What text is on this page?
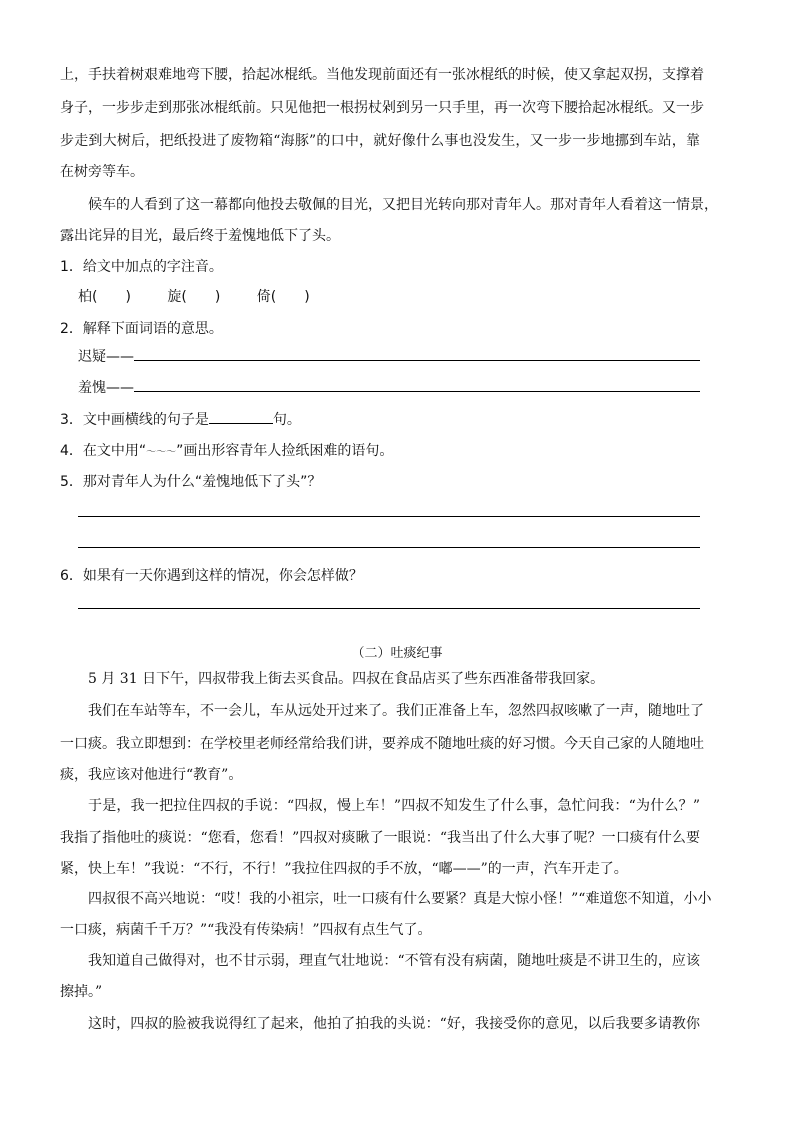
上，手扶着树艰难地弯下腰，拾起冰棍纸。当他发现前面还有一张冰棍纸的时候，使又拿起双拐，支撑着
身子，一步步走到那张冰棍纸前。只见他把一根拐杖剁到另一只手里，再一次弯下腰拾起冰棍纸。又一步
步走到大树后，把纸投进了废物箱“海豚”的口中，就好像什么事也没发生，又一步一步地挪到车站，靠
在树旁等车。
候车的人看到了这一幕都向他投去敬佩的目光，又把目光转向那对青年人。那对青年人看着这一情景，
露出诧异的目光，最后终于羞愧地低下了头。
1．给文中加点的字注音。
柏(　　)	旋(　　)	倚(　　)
2．解释下面词语的意思。
迟疑——
羞愧——
3．文中画横线的句子是	句。
4．在文中用“～～～”画出形容青年人捡纸困难的语句。
5．那对青年人为什么“羞愧地低下了头”？
6．如果有一天你遇到这样的情况，你会怎样做？
（二）吐痰纪事
5 月 31 日下午，四叔带我上街去买食品。四叔在食品店买了些东西准备带我回家。
我们在车站等车，不一会儿，车从远处开过来了。我们正准备上车，忽然四叔咳嗽了一声，随地吐了
一口痰。我立即想到：在学校里老师经常给我们讲，要养成不随地吐痰的好习惯。今天自己家的人随地吐
痰，我应该对他进行“教育”。
于是，我一把拉住四叔的手说：“四叔，慢上车！”四叔不知发生了什么事，急忙问我：“为什么？”
我指了指他吐的痰说：“您看，您看！”四叔对痰瞅了一眼说：“我当出了什么大事了呢？一口痰有什么要
紧，快上车！”我说：“不行，不行！”我拉住四叔的手不放，“嘟——”的一声，汽车开走了。
四叔很不高兴地说：“哎！我的小祖宗，吐一口痰有什么要紧？真是大惊小怪！”“难道您不知道，小小
一口痰，病菌千千万？”“我没有传染病！”四叔有点生气了。
我知道自己做得对，也不甘示弱，理直气壮地说：“不管有没有病菌，随地吐痰是不讲卫生的，应该
擦掉。”
这时，四叔的脸被我说得红了起来，他拍了拍我的头说：“好，我接受你的意见，以后我要多请教你
